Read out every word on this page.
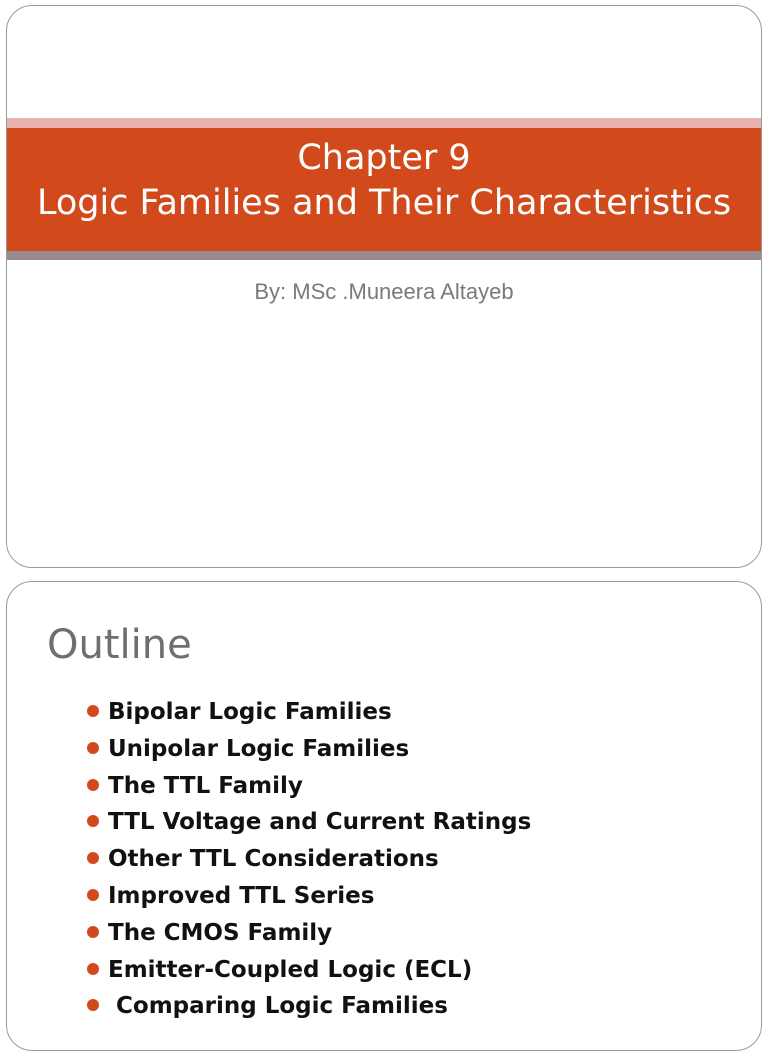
Chapter 9
Logic Families and Their Characteristics
By: MSc .Muneera Altayeb
Outline
Bipolar Logic Families
Unipolar Logic Families
The TTL Family
TTL Voltage and Current Ratings
Other TTL Considerations
Improved TTL Series
The CMOS Family
Emitter-Coupled Logic (ECL)
Comparing Logic Families
